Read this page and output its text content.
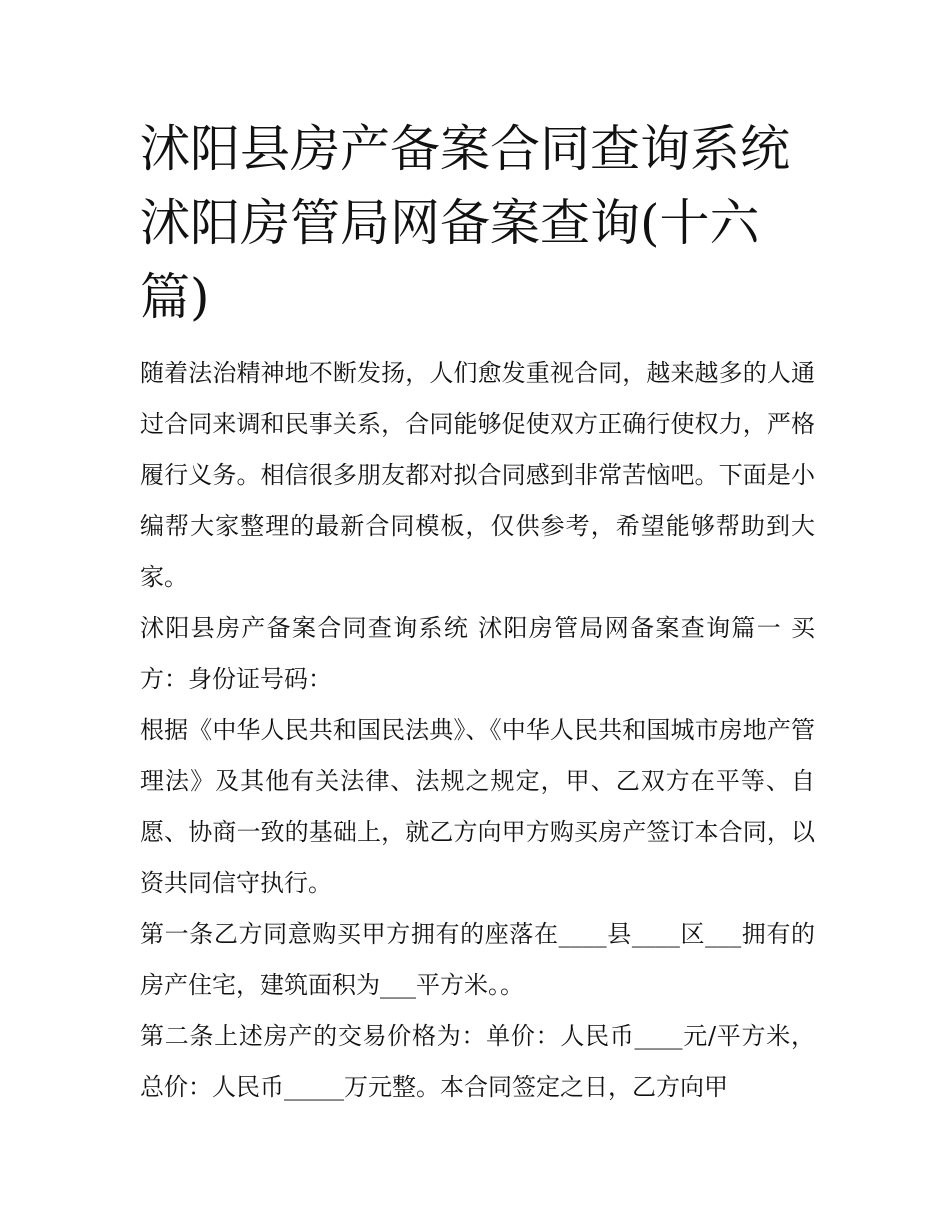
沭阳县房产备案合同查询系统 沭阳房管局网备案查询(十六篇)

随着法治精神地不断发扬，人们愈发重视合同，越来越多的人通过合同来调和民事关系，合同能够促使双方正确行使权力，严格履行义务。相信很多朋友都对拟合同感到非常苦恼吧。下面是小编帮大家整理的最新合同模板，仅供参考，希望能够帮助到大家。

沭阳县房产备案合同查询系统 沭阳房管局网备案查询篇一 买方：身份证号码：

根据《中华人民共和国民法典》、《中华人民共和国城市房地产管理法》及其他有关法律、法规之规定，甲、乙双方在平等、自愿、协商一致的基础上，就乙方向甲方购买房产签订本合同，以资共同信守执行。

第一条乙方同意购买甲方拥有的座落在____县____区___拥有的房产住宅，建筑面积为___平方米。。

第二条上述房产的交易价格为：单价：人民币____元/平方米，总价：人民币_____万元整。本合同签定之日，乙方向甲
